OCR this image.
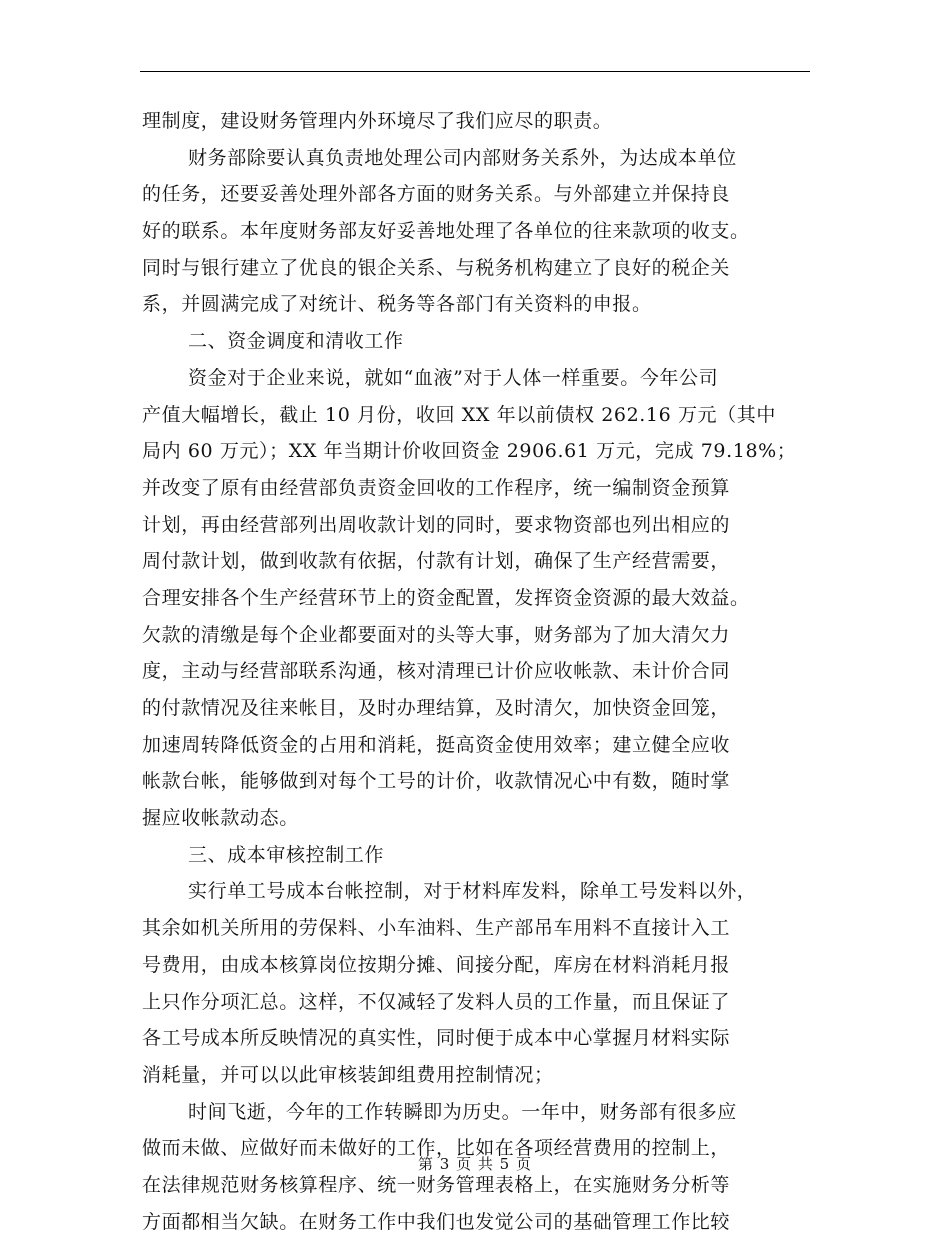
理制度，建设财务管理内外环境尽了我们应尽的职责。
财务部除要认真负责地处理公司内部财务关系外，为达成本单位
的任务，还要妥善处理外部各方面的财务关系。与外部建立并保持良
好的联系。本年度财务部友好妥善地处理了各单位的往来款项的收支。
同时与银行建立了优良的银企关系、与税务机构建立了良好的税企关
系，并圆满完成了对统计、税务等各部门有关资料的申报。
二、资金调度和清收工作
资金对于企业来说，就如“血液”对于人体一样重要。今年公司
产值大幅增长，截止 10 月份，收回 XX 年以前债权 262.16 万元（其中
局内 60 万元）；XX 年当期计价收回资金 2906.61 万元，完成 79.18%；
并改变了原有由经营部负责资金回收的工作程序，统一编制资金预算
计划，再由经营部列出周收款计划的同时，要求物资部也列出相应的
周付款计划，做到收款有依据，付款有计划，确保了生产经营需要，
合理安排各个生产经营环节上的资金配置，发挥资金资源的最大效益。
欠款的清缴是每个企业都要面对的头等大事，财务部为了加大清欠力
度，主动与经营部联系沟通，核对清理已计价应收帐款、未计价合同
的付款情况及往来帐目，及时办理结算，及时清欠，加快资金回笼，
加速周转降低资金的占用和消耗，挺高资金使用效率；建立健全应收
帐款台帐，能够做到对每个工号的计价，收款情况心中有数，随时掌
握应收帐款动态。
三、成本审核控制工作
实行单工号成本台帐控制，对于材料库发料，除单工号发料以外，
其余如机关所用的劳保料、小车油料、生产部吊车用料不直接计入工
号费用，由成本核算岗位按期分摊、间接分配，库房在材料消耗月报
上只作分项汇总。这样，不仅减轻了发料人员的工作量，而且保证了
各工号成本所反映情况的真实性，同时便于成本中心掌握月材料实际
消耗量，并可以以此审核装卸组费用控制情况；
时间飞逝，今年的工作转瞬即为历史。一年中，财务部有很多应
做而未做、应做好而未做好的工作，比如在各项经营费用的控制上，
在法律规范财务核算程序、统一财务管理表格上，在实施财务分析等
方面都相当欠缺。在财务工作中我们也发觉公司的基础管理工作比较
第 3 页 共 5 页
